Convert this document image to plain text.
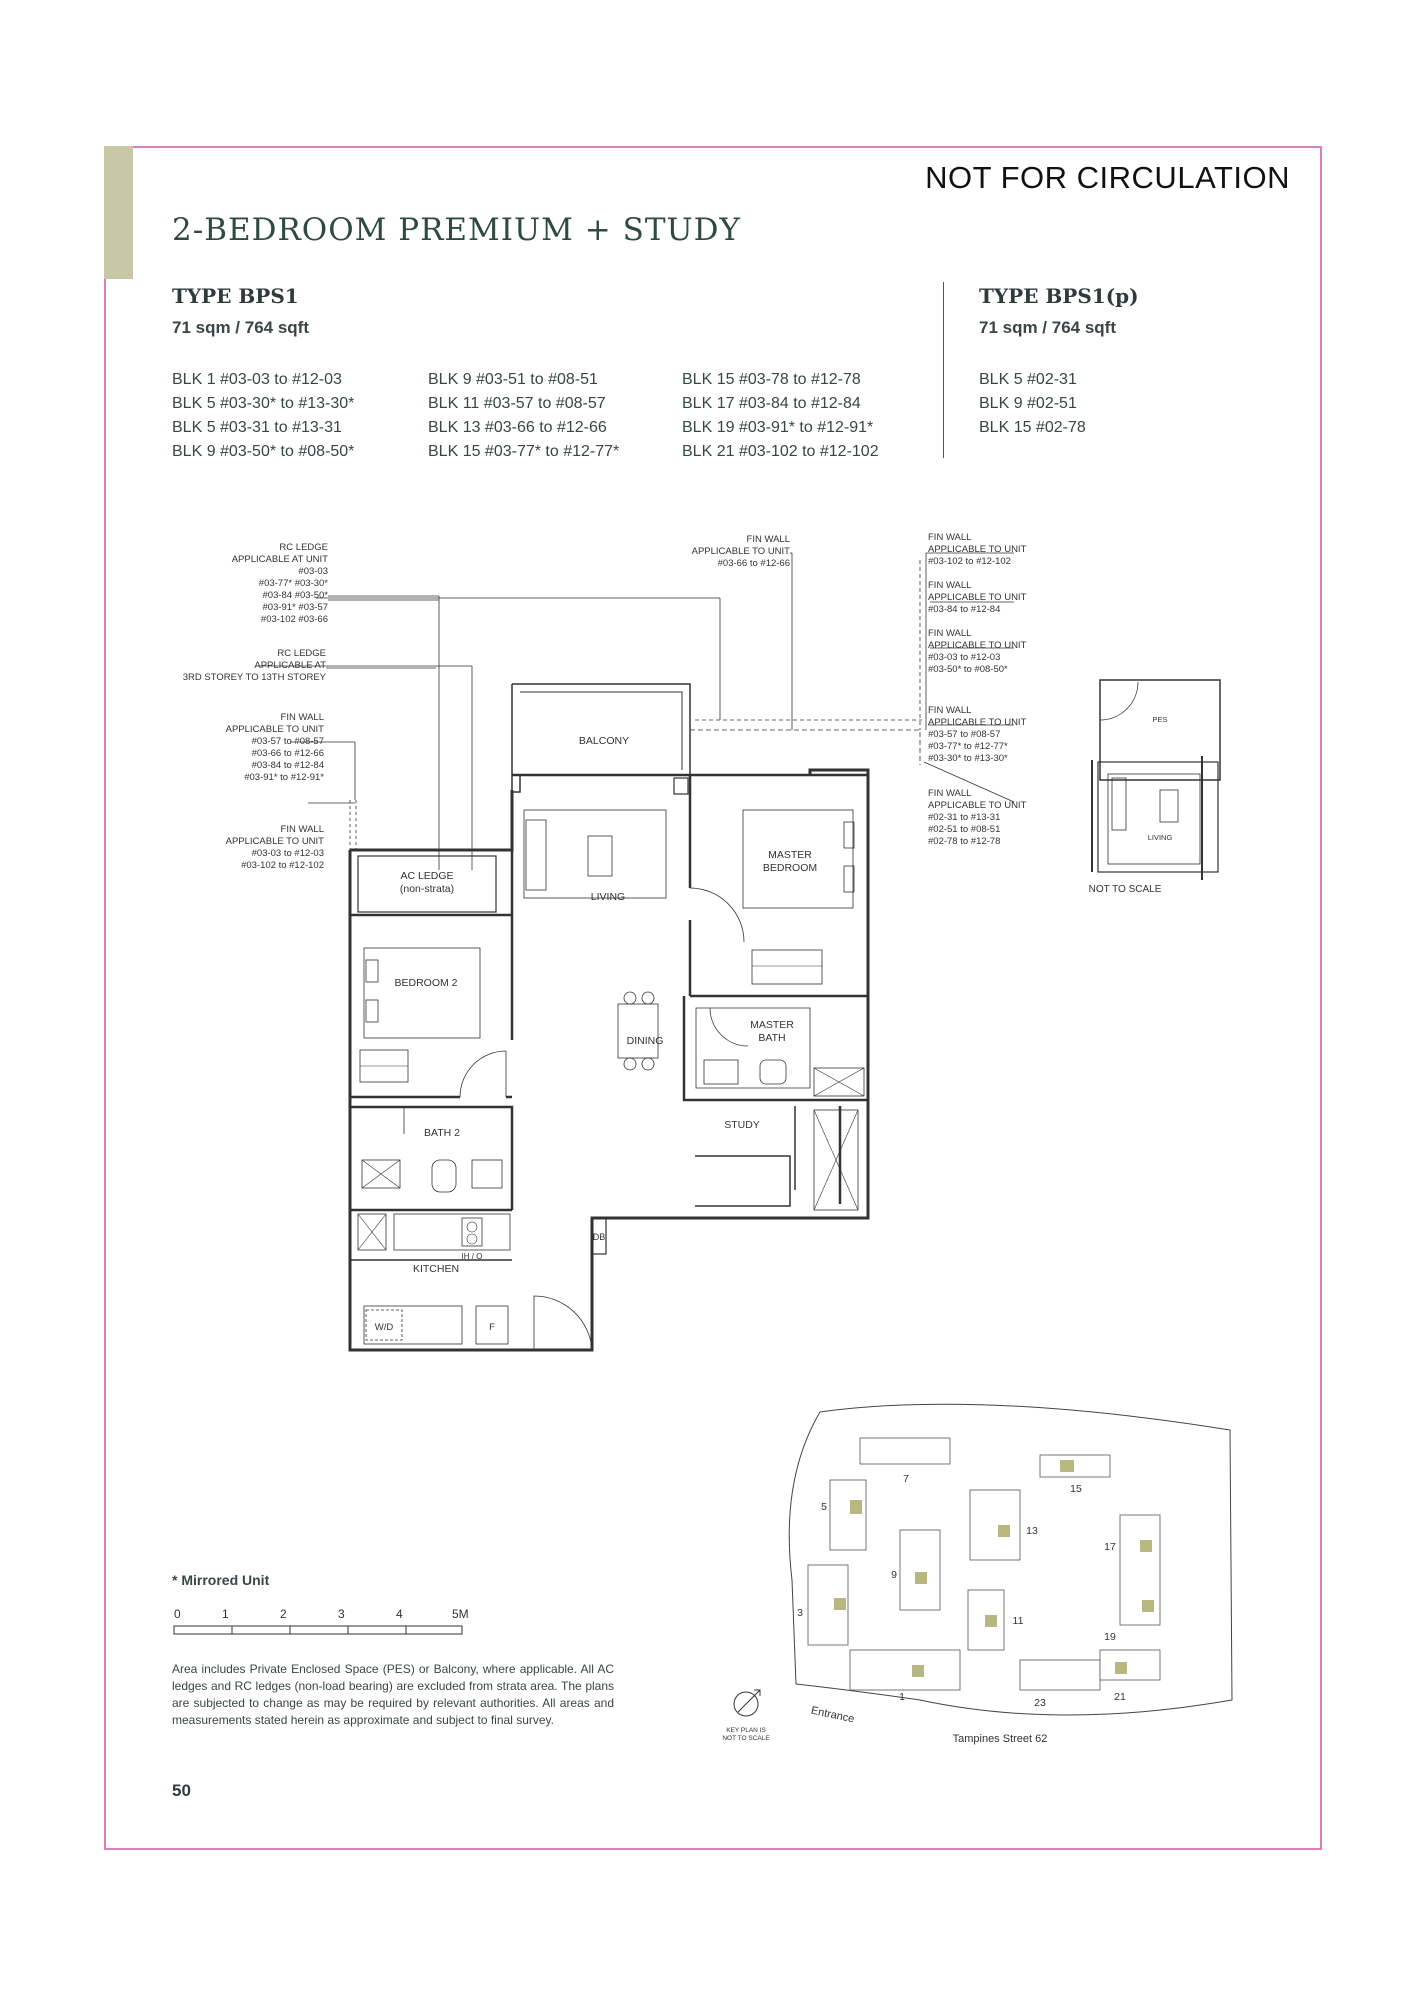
NOT FOR CIRCULATION
2-BEDROOM PREMIUM + STUDY
TYPE BPS1
71 sqm / 764 sqft
BLK 1 #03-03 to #12-03
BLK 5 #03-30* to #13-30*
BLK 5 #03-31 to #13-31
BLK 9 #03-50* to #08-50*
BLK 9 #03-51 to #08-51
BLK 11 #03-57 to #08-57
BLK 13 #03-66 to #12-66
BLK 15 #03-77* to #12-77*
BLK 15 #03-78 to #12-78
BLK 17 #03-84 to #12-84
BLK 19 #03-91* to #12-91*
BLK 21 #03-102 to #12-102
TYPE BPS1(p)
71 sqm / 764 sqft
BLK 5 #02-31
BLK 9 #02-51
BLK 15 #02-78
RC LEDGE
APPLICABLE AT UNIT
#03-03
#03-77* #03-30*
#03-84 #03-50*
#03-91* #03-57
#03-102 #03-66
RC LEDGE
APPLICABLE AT
3RD STOREY TO 13TH STOREY
FIN WALL
APPLICABLE TO UNIT
#03-57 to #08-57
#03-66 to #12-66
#03-84 to #12-84
#03-91* to #12-91*
FIN WALL
APPLICABLE TO UNIT
#03-03 to #12-03
#03-102 to #12-102
FIN WALL
APPLICABLE TO UNIT
#03-66 to #12-66
FIN WALL
APPLICABLE TO UNIT
#03-102 to #12-102
FIN WALL
APPLICABLE TO UNIT
#03-84 to #12-84
FIN WALL
APPLICABLE TO UNIT
#03-03 to #12-03
#03-50* to #08-50*
FIN WALL
APPLICABLE TO UNIT
#03-57 to #08-57
#03-77* to #12-77*
#03-30* to #13-30*
FIN WALL
APPLICABLE TO UNIT
#02-31 to #13-31
#02-51 to #08-51
#02-78 to #12-78
BALCONY
LIVING
MASTER
BEDROOM
AC LEDGE
(non-strata)
BEDROOM 2
DINING
MASTER
BATH
BATH 2
STUDY
KITCHEN
DB
W/D	F
IH / O
PES
LIVING
NOT TO SCALE
7
15
5
13
17
9
3
11
19
1	23	21
Entrance
Tampines Street 62
KEY PLAN IS
NOT TO SCALE
* Mirrored Unit
0	1	2	3	4	5M
Area includes Private Enclosed Space (PES) or Balcony, where applicable. All AC ledges and RC ledges (non-load bearing) are excluded from strata area. The plans are subjected to change as may be required by relevant authorities. All areas and measurements stated herein as approximate and subject to final survey.
50
